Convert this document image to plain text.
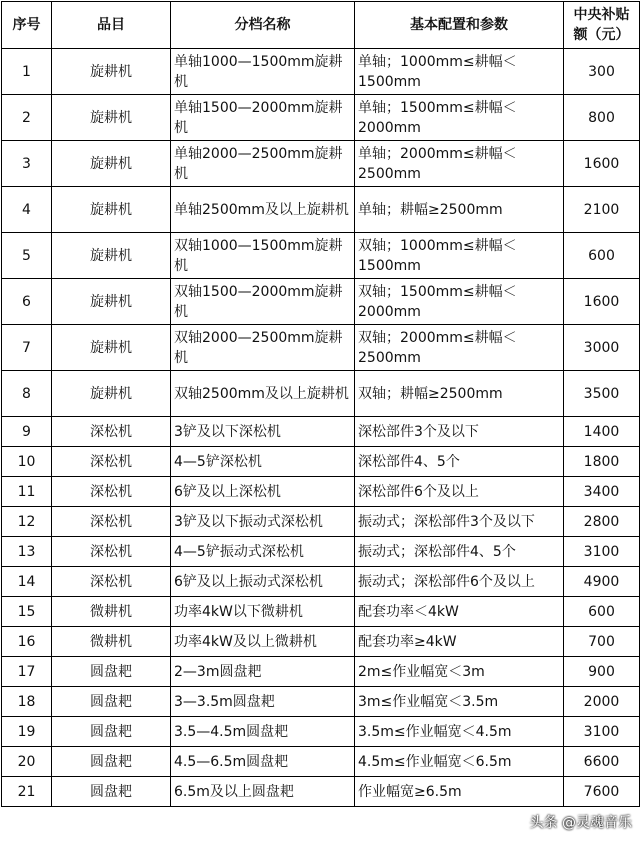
序号	品目	分档名称	基本配置和参数	中央补贴额（元）
1	旋耕机	单轴1000—1500mm旋耕机	单轴；1000mm≤耕幅＜1500mm	300
2	旋耕机	单轴1500—2000mm旋耕机	单轴；1500mm≤耕幅＜2000mm	800
3	旋耕机	单轴2000—2500mm旋耕机	单轴；2000mm≤耕幅＜2500mm	1600
4	旋耕机	单轴2500mm及以上旋耕机	单轴；耕幅≥2500mm	2100
5	旋耕机	双轴1000—1500mm旋耕机	双轴；1000mm≤耕幅＜1500mm	600
6	旋耕机	双轴1500—2000mm旋耕机	双轴；1500mm≤耕幅＜2000mm	1600
7	旋耕机	双轴2000—2500mm旋耕机	双轴；2000mm≤耕幅＜2500mm	3000
8	旋耕机	双轴2500mm及以上旋耕机	双轴；耕幅≥2500mm	3500
9	深松机	3铲及以下深松机	深松部件3个及以下	1400
10	深松机	4—5铲深松机	深松部件4、5个	1800
11	深松机	6铲及以上深松机	深松部件6个及以上	3400
12	深松机	3铲及以下振动式深松机	振动式；深松部件3个及以下	2800
13	深松机	4—5铲振动式深松机	振动式；深松部件4、5个	3100
14	深松机	6铲及以上振动式深松机	振动式；深松部件6个及以上	4900
15	微耕机	功率4kW以下微耕机	配套功率＜4kW	600
16	微耕机	功率4kW及以上微耕机	配套功率≥4kW	700
17	圆盘耙	2—3m圆盘耙	2m≤作业幅宽＜3m	900
18	圆盘耙	3—3.5m圆盘耙	3m≤作业幅宽＜3.5m	2000
19	圆盘耙	3.5—4.5m圆盘耙	3.5m≤作业幅宽＜4.5m	3100
20	圆盘耙	4.5—6.5m圆盘耙	4.5m≤作业幅宽＜6.5m	6600
21	圆盘耙	6.5m及以上圆盘耙	作业幅宽≥6.5m	7600
头条 @灵魂音乐
